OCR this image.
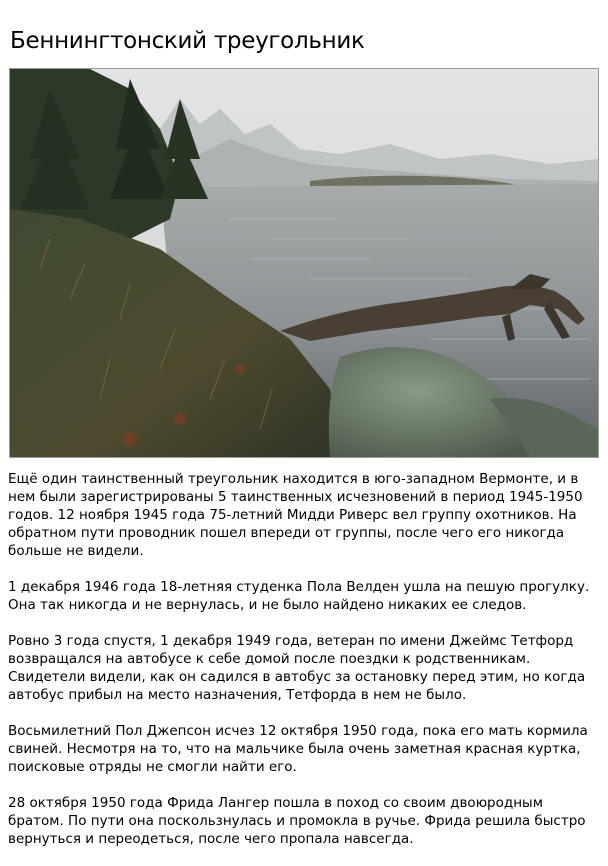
Беннингтонский треугольник

Ещё один таинственный треугольник находится в юго-западном Вермонте, и в нем были зарегистрированы 5 таинственных исчезновений в период 1945-1950 годов. 12 ноября 1945 года 75-летний Мидди Риверс вел группу охотников. На обратном пути проводник пошел впереди от группы, после чего его никогда больше не видели.

1 декабря 1946 года 18-летняя студенка Пола Велден ушла на пешую прогулку. Она так никогда и не вернулась, и не было найдено никаких ее следов.

Ровно 3 года спустя, 1 декабря 1949 года, ветеран по имени Джеймс Тетфорд возвращался на автобусе к себе домой после поездки к родственникам. Свидетели видели, как он садился в автобус за остановку перед этим, но когда автобус прибыл на место назначения, Тетфорда в нем не было.

Восьмилетний Пол Джепсон исчез 12 октября 1950 года, пока его мать кормила свиней. Несмотря на то, что на мальчике была очень заметная красная куртка, поисковые отряды не смогли найти его.

28 октября 1950 года Фрида Лангер пошла в поход со своим двоюродным братом. По пути она поскользнулась и промокла в ручье. Фрида решила быстро вернуться и переодеться, после чего пропала навсегда.
